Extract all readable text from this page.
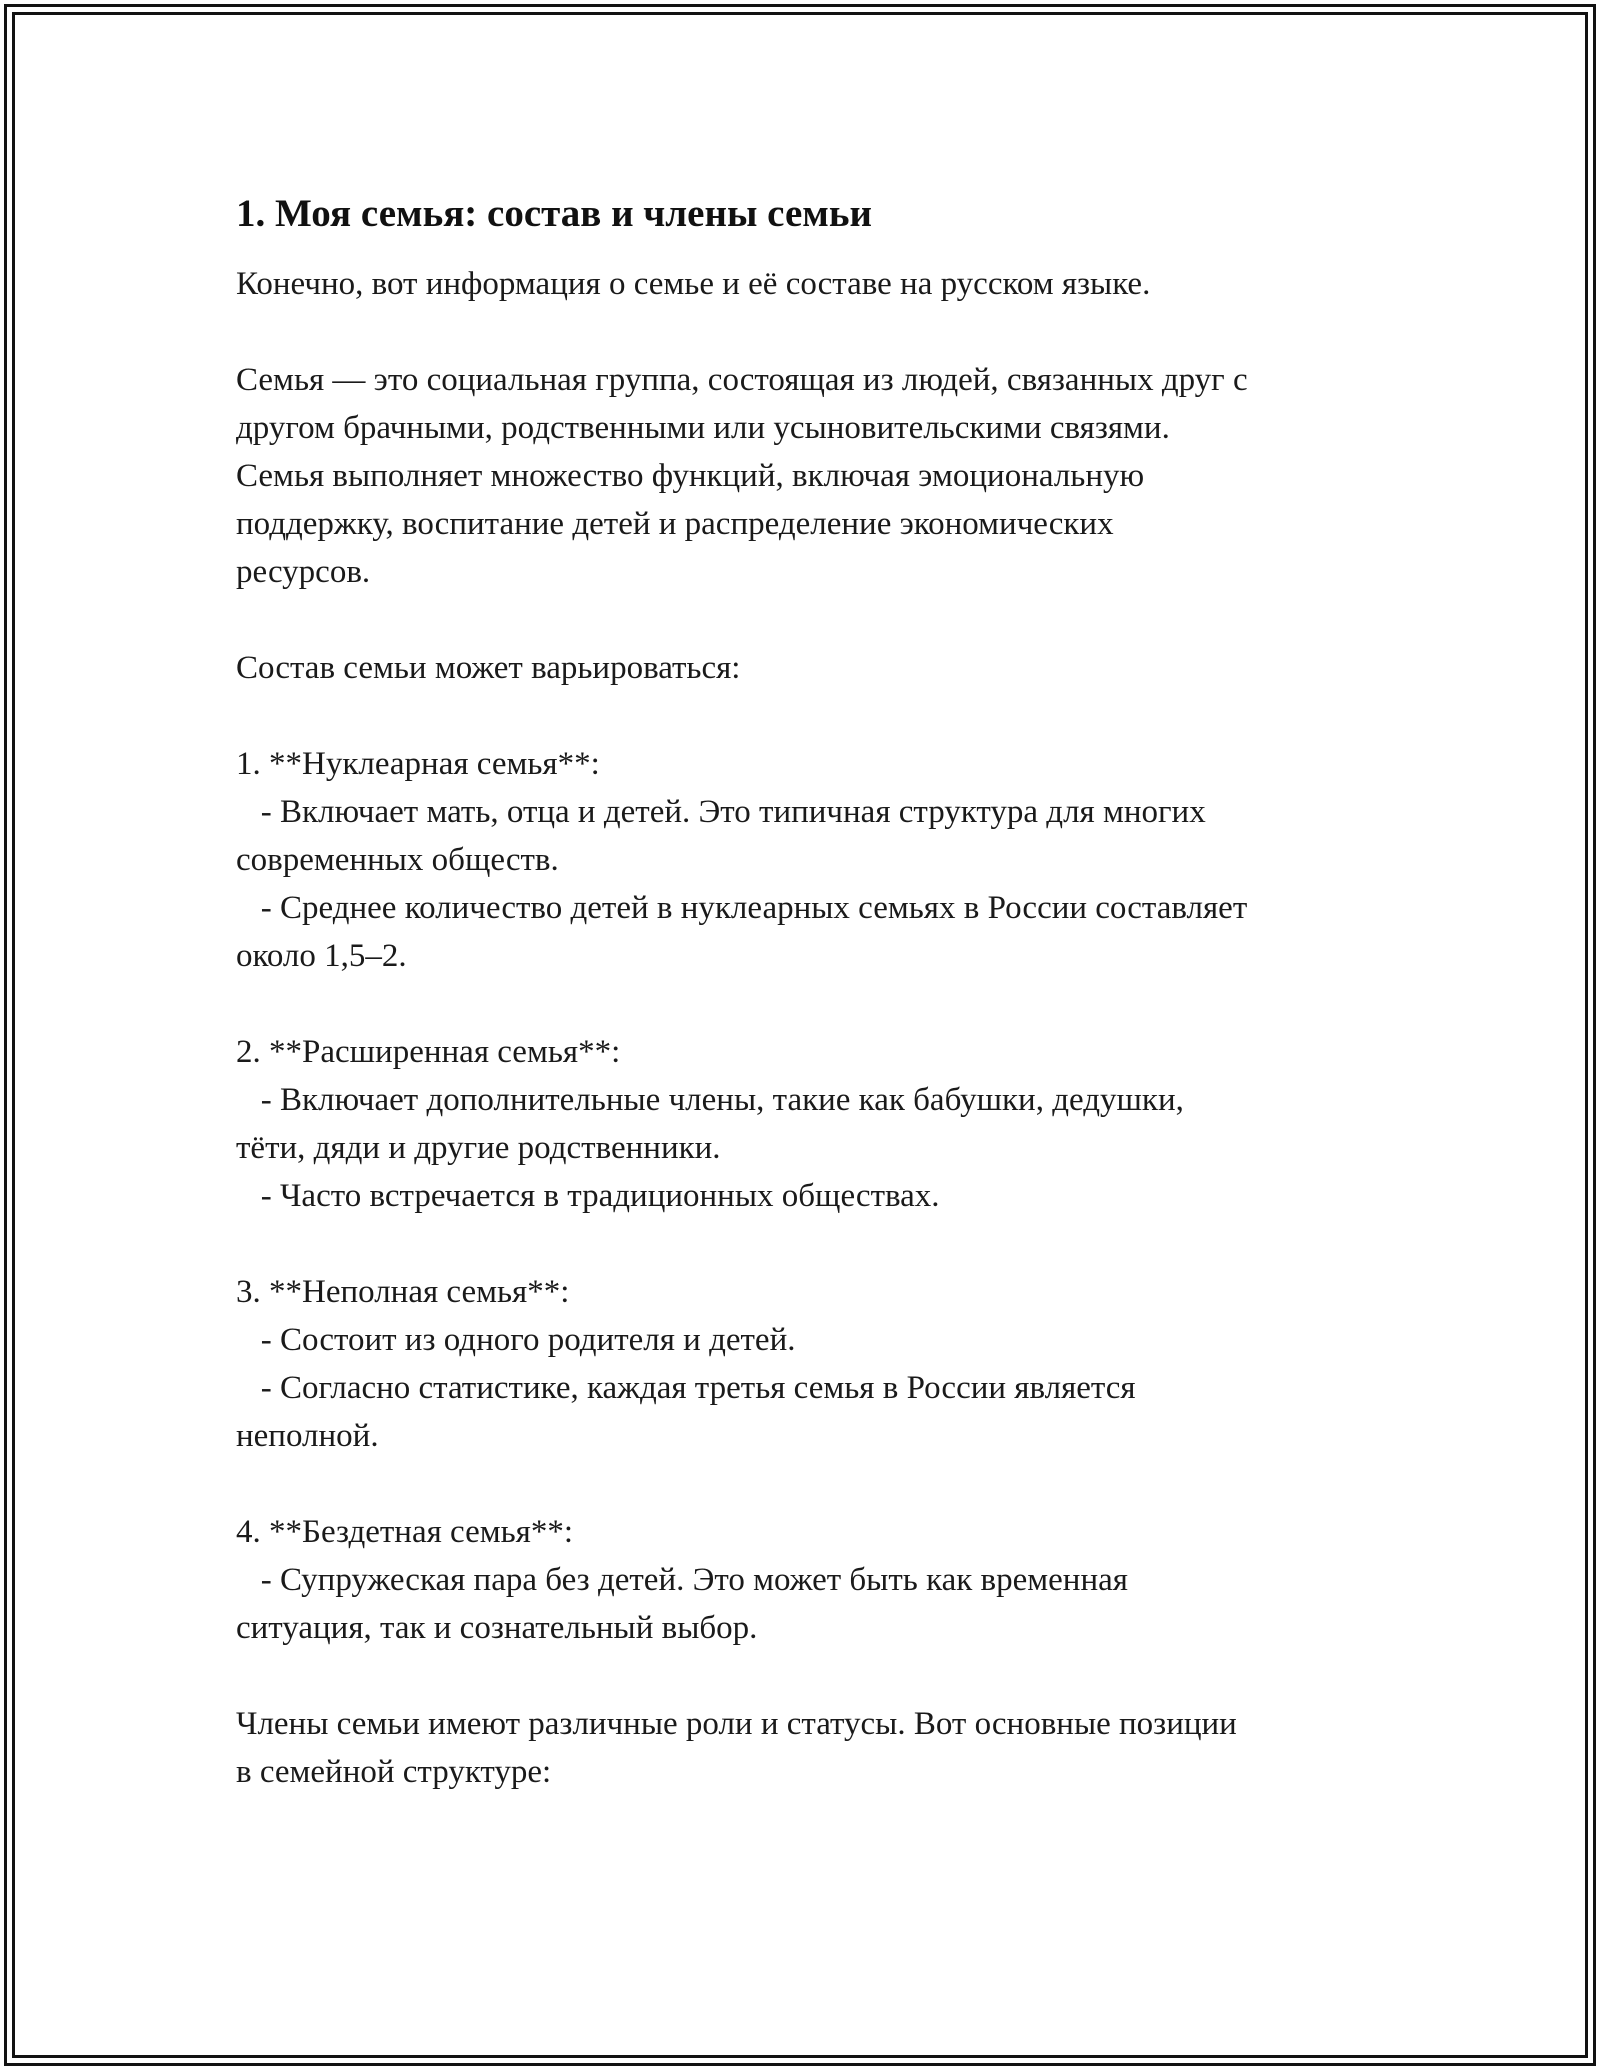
1. Моя семья: состав и члены семьи

Конечно, вот информация о семье и её составе на русском языке.

Семья — это социальная группа, состоящая из людей, связанных друг с
другом брачными, родственными или усыновительскими связями.
Семья выполняет множество функций, включая эмоциональную
поддержку, воспитание детей и распределение экономических
ресурсов.

Состав семьи может варьироваться:

1. **Нуклеарная семья**:
- Включает мать, отца и детей. Это типичная структура для многих
современных обществ.
- Среднее количество детей в нуклеарных семьях в России составляет
около 1,5–2.
2. **Расширенная семья**:
- Включает дополнительные члены, такие как бабушки, дедушки,
тёти, дяди и другие родственники.
- Часто встречается в традиционных обществах.
3. **Неполная семья**:
- Состоит из одного родителя и детей.
- Согласно статистике, каждая третья семья в России является
неполной.
4. **Бездетная семья**:
- Супружеская пара без детей. Это может быть как временная
ситуация, так и сознательный выбор.
Члены семьи имеют различные роли и статусы. Вот основные позиции
в семейной структуре:
